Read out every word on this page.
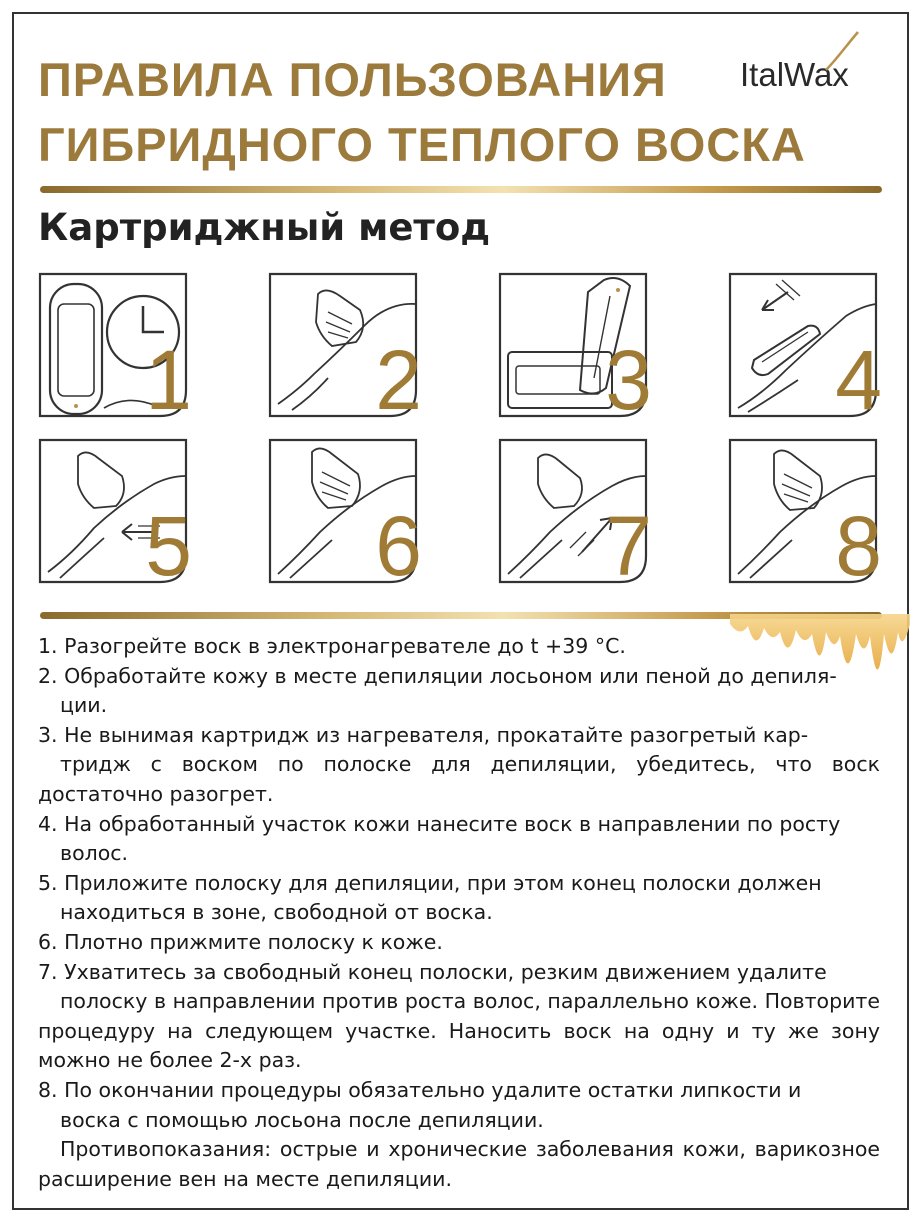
ПРАВИЛА ПОЛЬЗОВАНИЯ
ГИБРИДНОГО ТЕПЛОГО ВОСКА
ItalWax
Картриджный метод
1 2 3 4
5 6 7 8

1. Разогрейте воск в электронагревателе до t +39 °С.

2. Обработайте кожу в месте депиляции лосьоном или пеной до депиля-
ции.

3. Не вынимая картридж из нагревателя, прокатайте разогретый кар-
тридж с воском по полоске для депиляции, убедитесь, что воск достаточно разогрет.

4. На обработанный участок кожи нанесите воск в направлении по росту
волос.

5. Приложите полоску для депиляции, при этом конец полоски должен
находиться в зоне, свободной от воска.

6. Плотно прижмите полоску к коже.

7. Ухватитесь за свободный конец полоски, резким движением удалите
полоску в направлении против роста волос, параллельно коже. Повторите процедуру на следующем участке. Наносить воск на одну и ту же зону можно не более 2-х раз.

8. По окончании процедуры обязательно удалите остатки липкости и
воска с помощью лосьона после депиляции.

Противопоказания: острые и хронические заболевания кожи, варикозное расширение вен на месте депиляции.
